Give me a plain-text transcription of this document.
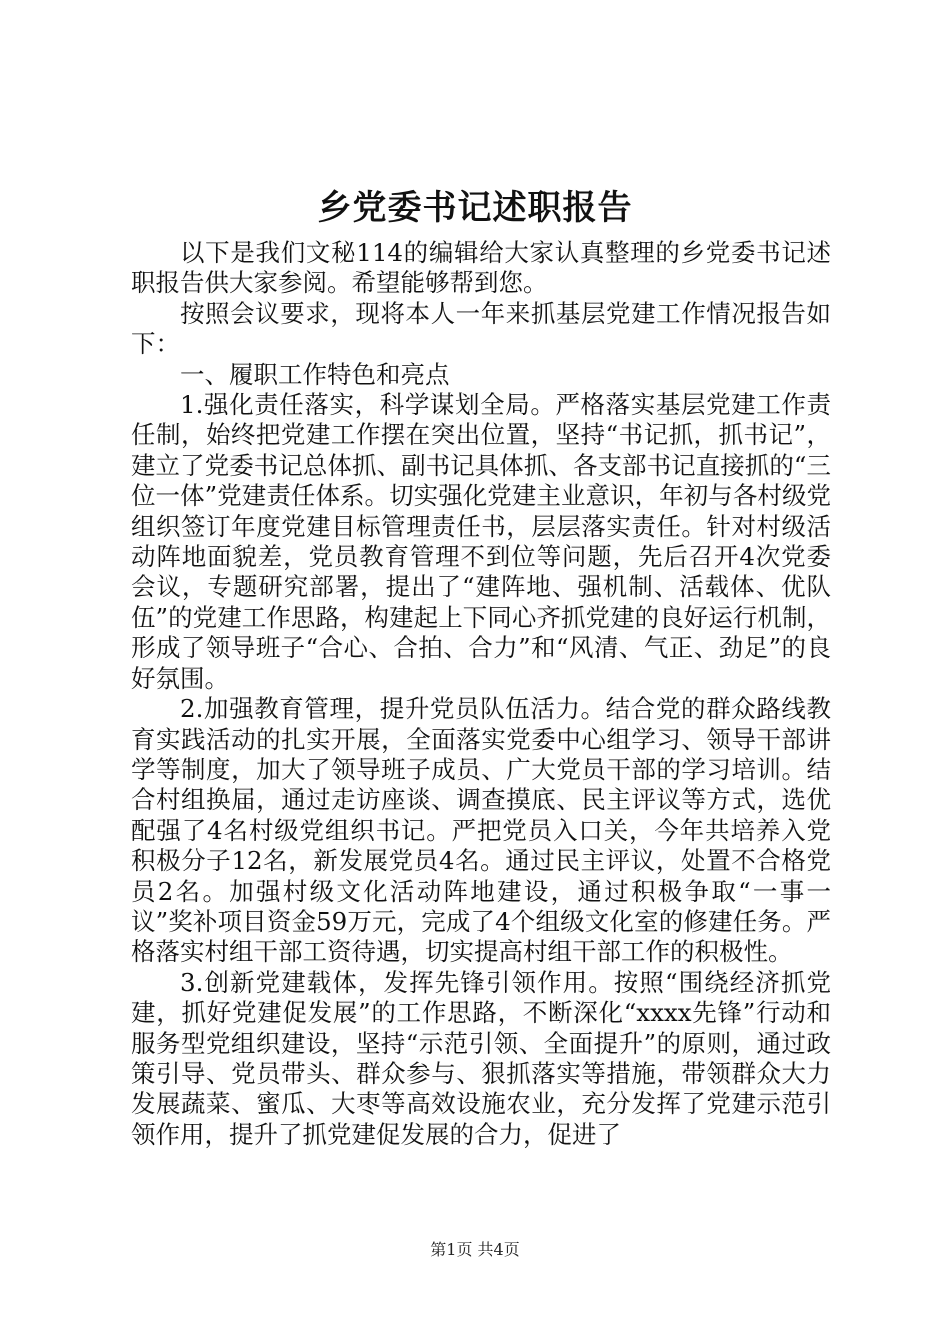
乡党委书记述职报告

以下是我们文秘114的编辑给大家认真整理的乡党委书记述职报告供大家参阅。希望能够帮到您。

按照会议要求，现将本人一年来抓基层党建工作情况报告如下：

一、履职工作特色和亮点

1.强化责任落实，科学谋划全局。严格落实基层党建工作责任制，始终把党建工作摆在突出位置，坚持“书记抓，抓书记”，建立了党委书记总体抓、副书记具体抓、各支部书记直接抓的“三位一体”党建责任体系。切实强化党建主业意识，年初与各村级党组织签订年度党建目标管理责任书，层层落实责任。针对村级活动阵地面貌差，党员教育管理不到位等问题，先后召开4次党委会议，专题研究部署，提出了“建阵地、强机制、活载体、优队伍”的党建工作思路，构建起上下同心齐抓党建的良好运行机制，形成了领导班子“合心、合拍、合力”和“风清、气正、劲足”的良好氛围。

2.加强教育管理，提升党员队伍活力。结合党的群众路线教育实践活动的扎实开展，全面落实党委中心组学习、领导干部讲学等制度，加大了领导班子成员、广大党员干部的学习培训。结合村组换届，通过走访座谈、调查摸底、民主评议等方式，选优配强了4名村级党组织书记。严把党员入口关，今年共培养入党积极分子12名，新发展党员4名。通过民主评议，处置不合格党员2名。加强村级文化活动阵地建设，通过积极争取“一事一议”奖补项目资金59万元，完成了4个组级文化室的修建任务。严格落实村组干部工资待遇，切实提高村组干部工作的积极性。

3.创新党建载体，发挥先锋引领作用。按照“围绕经济抓党建，抓好党建促发展”的工作思路，不断深化“xxxx先锋”行动和服务型党组织建设，坚持“示范引领、全面提升”的原则，通过政策引导、党员带头、群众参与、狠抓落实等措施，带领群众大力发展蔬菜、蜜瓜、大枣等高效设施农业，充分发挥了党建示范引领作用，提升了抓党建促发展的合力，促进了

第1页 共4页
